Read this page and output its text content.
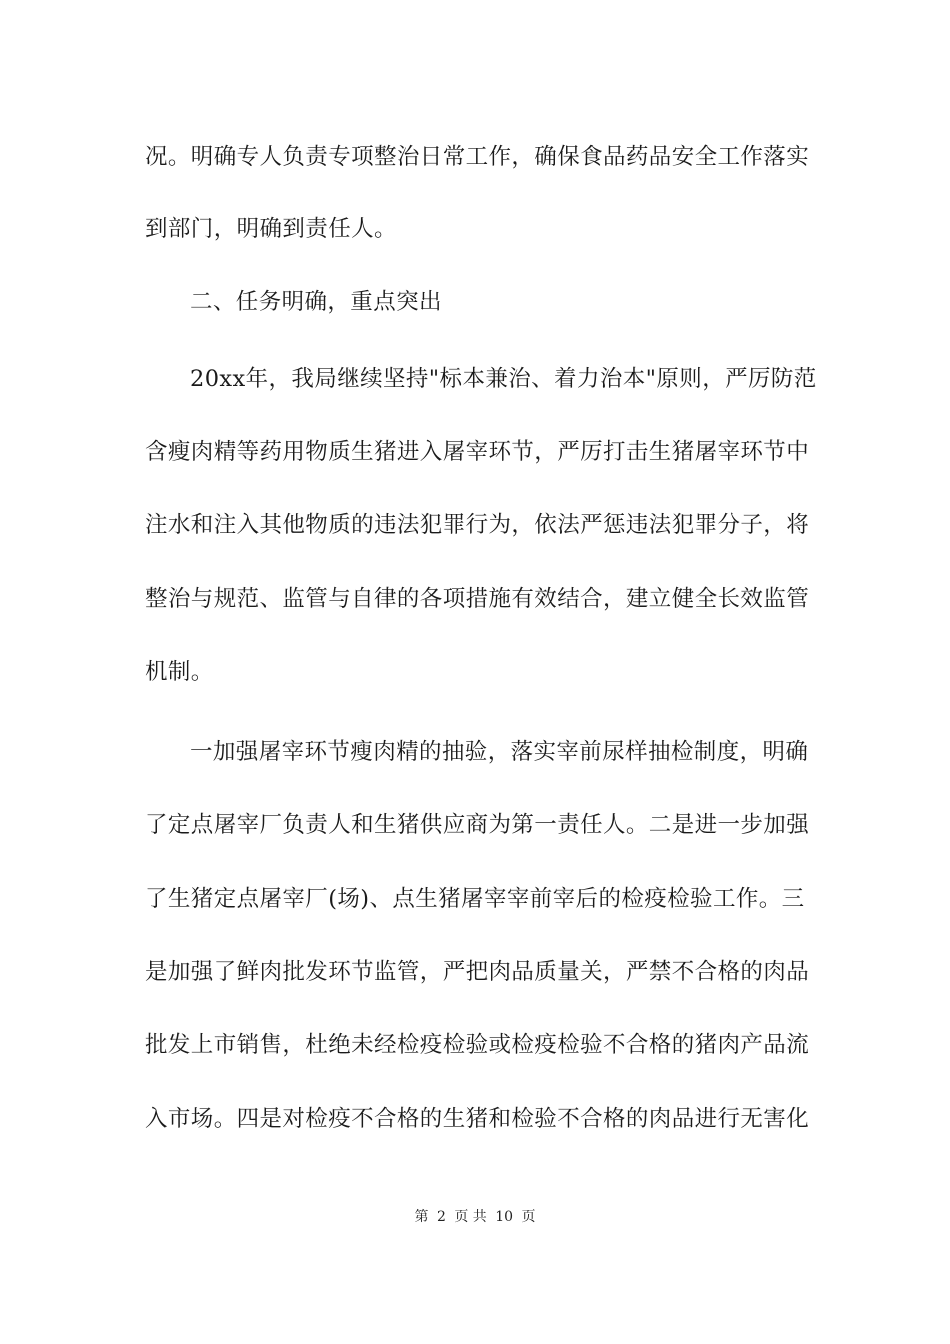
况。明确专人负责专项整治日常工作，确保食品药品安全工作落实
到部门，明确到责任人。
二、任务明确，重点突出
20xx年，我局继续坚持"标本兼治、着力治本"原则，严厉防范
含瘦肉精等药用物质生猪进入屠宰环节，严厉打击生猪屠宰环节中
注水和注入其他物质的违法犯罪行为，依法严惩违法犯罪分子，将
整治与规范、监管与自律的各项措施有效结合，建立健全长效监管
机制。
一加强屠宰环节瘦肉精的抽验，落实宰前尿样抽检制度，明确
了定点屠宰厂负责人和生猪供应商为第一责任人。二是进一步加强
了生猪定点屠宰厂(场)、点生猪屠宰宰前宰后的检疫检验工作。三
是加强了鲜肉批发环节监管，严把肉品质量关，严禁不合格的肉品
批发上市销售，杜绝未经检疫检验或检疫检验不合格的猪肉产品流
入市场。四是对检疫不合格的生猪和检验不合格的肉品进行无害化
第 2 页 共 10 页
